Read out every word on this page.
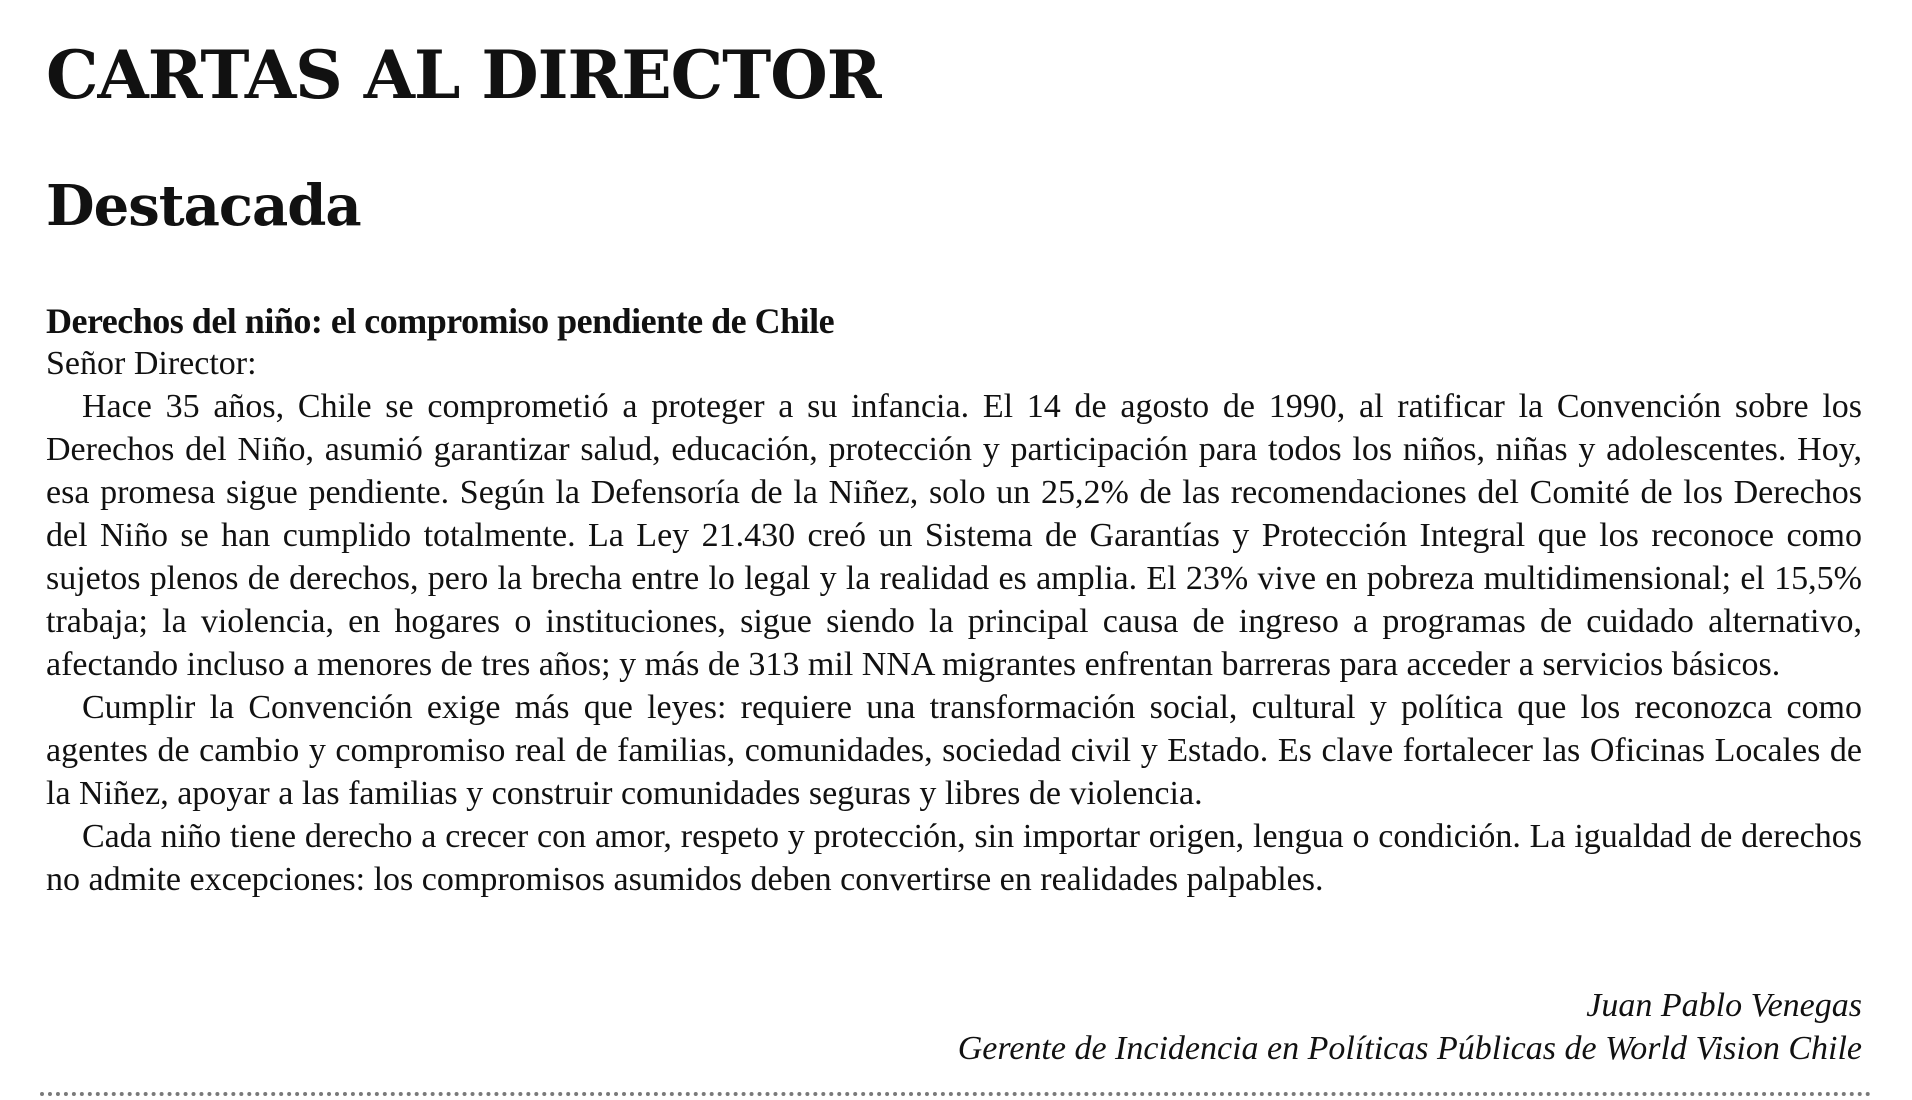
CARTAS AL DIRECTOR
Destacada
Derechos del niño: el compromiso pendiente de Chile

Señor Director:

Hace 35 años, Chile se comprometió a proteger a su infancia. El 14 de agosto de 1990, al ratificar la Convención sobre los Derechos del Niño, asumió garantizar salud, educación, protección y participación para todos los niños, niñas y adolescentes. Hoy, esa promesa sigue pendiente. Según la Defensoría de la Niñez, solo un 25,2% de las recomendaciones del Comité de los Derechos del Niño se han cumplido totalmente. La Ley 21.430 creó un Sistema de Garantías y Protección Integral que los reconoce como sujetos plenos de derechos, pero la brecha entre lo legal y la realidad es amplia. El 23% vive en pobreza multidimensional; el 15,5% trabaja; la violencia, en hogares o instituciones, sigue siendo la principal causa de ingreso a programas de cuidado alternativo, afectando incluso a menores de tres años; y más de 313 mil NNA migrantes enfrentan barreras para acceder a servicios básicos.

Cumplir la Convención exige más que leyes: requiere una transformación social, cultural y política que los reconozca como agentes de cambio y compromiso real de familias, comunidades, sociedad civil y Estado. Es clave fortalecer las Oficinas Locales de la Niñez, apoyar a las familias y construir comunidades seguras y libres de violencia.

Cada niño tiene derecho a crecer con amor, respeto y protección, sin importar origen, lengua o condición. La igualdad de derechos no admite excepciones: los compromisos asumidos deben convertirse en realidades palpables.

Juan Pablo Venegas
Gerente de Incidencia en Políticas Públicas de World Vision Chile
